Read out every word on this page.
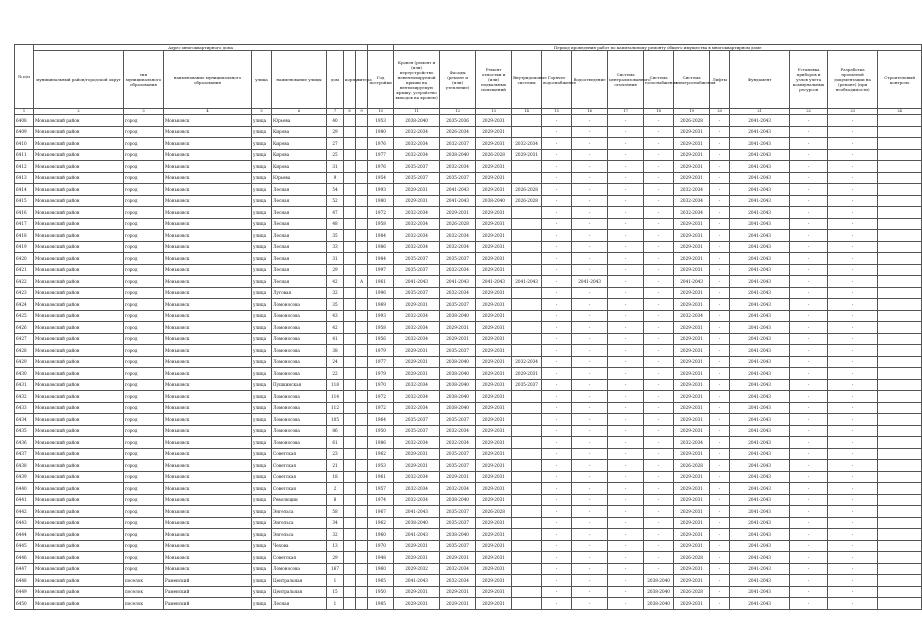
№ п/п	Адрес многоквартирного дома									Период проведения работ по капитальному ремонту общего имущества в многоквартирном доме													
	муниципальный район/городской округ	тип муниципального образования	наименование муниципального образования	улица	наименование улицы	дом	корпус	литера	Год постройки	Кровля (ремонт и (или) переустройство невентилируемой крыши на вентилируемую крышу, устройство выходов на кровлю)	Фасады (ремонт и (или) утепление)	Ремонт отмостки и (или) подвальных помещений	Внутридомовые системы	Горячее водоснабжение	Водоотведение	Система централизованного отопления	Система газоснабжения	Система электроснабжения	Лифты	Фундамент	Установка приборов и узлов учета коммунальных ресурсов	Разработка проектной документации на (ремонт) (при необходимости)	Строительный контроль
1	2	3	4	5	6	7	8	9	10	11	12	13	14	15	16	17	18	19	20	21	22	23	24
6408	Моньковский район	город	Моньковск	улица	Юрьева	40			1953	2038-2040	2035-2036	2029-2031		-	-	-	-	2026-2028	-	2041-2043	-	-	
6409	Моньковский район	город	Моньковск	улица	Кирова	29			1980	2032-2034	2026-2034	2029-2031		-	-	-	-	2029-2031	-	2041-2043	-	-	
6410	Моньковский район	город	Моньковск	улица	Кирова	27			1976	2032-2034	2032-2037	2029-2031	2032-2034	-	-	-	-	2029-2031	-	2041-2043	-	-	
6411	Моньковский район	город	Моньковск	улица	Кирова	25			1977	2032-2034	2038-2040	2026-2028	2029-2031	-	-	-	-	2029-2031	-	2041-2043	-	-	
6412	Моньковский район	город	Моньковск	улица	Кирова	31			1976	2035-2037	2032-2034	2029-2031		-	-	-	-	2029-2031	-	2041-2043	-	-	
6413	Моньковский район	город	Моньковск	улица	Юрьева	9			1954	2035-2037	2035-2037	2029-2031		-	-	-	-	2029-2031	-	2041-2043	-	-	
6414	Моньковский район	город	Моньковск	улица	Лесная	54			1993	2029-2031	2041-2043	2029-2031	2026-2028	-	-	-	-	2032-2034	-	2041-2043	-	-	
6415	Моньковский район	город	Моньковск	улица	Лесная	52			1980	2029-2031	2041-2043	2038-2040	2026-2028	-	-	-	-	2032-2034	-	2041-2043	-	-	
6416	Моньковский район	город	Моньковск	улица	Лесная	47			1972	2032-2034	2029-2031	2029-2031		-	-	-	-	2032-2034	-	2041-2043	-	-	
6417	Моньковский район	город	Моньковск	улица	Лесная	48			1958	2032-2034	2026-2028	2029-2031		-	-	-	-	2029-2031	-	2041-2043	-	-	
6418	Моньковский район	город	Моньковск	улица	Лесная	35			1984	2032-2034	2032-2034	2029-2031		-	-	-	-	2029-2031	-	2041-2043	-	-	
6419	Моньковский район	город	Моньковск	улица	Лесная	33			1986	2032-2034	2032-2034	2029-2031		-	-	-	-	2029-2031	-	2041-2043	-	-	
6420	Моньковский район	город	Моньковск	улица	Лесная	31			1984	2035-2037	2035-2037	2029-2031		-	-	-	-	2029-2031	-	2041-2043	-	-	
6421	Моньковский район	город	Моньковск	улица	Лесная	29			1997	2035-2037	2032-2034	2029-2031		-	-	-	-	2029-2031	-	2041-2043	-	-	
6422	Моньковский район	город	Моньковск	улица	Лесная	42		А	1961	2041-2043	2041-2043	2041-2043	2041-2043	-	2041-2043	-	-	2041-2043	-	2041-2043	-	-	
6423	Моньковский район	город	Моньковск	улица	Луговая	32			1996	2035-2037	2032-2034	2029-2031		-	-	-	-	2029-2031	-	2041-2043	-	-	
6424	Моньковский район	город	Моньковск	улица	Ломоносова	35			1969	2029-2031	2035-2037	2029-2031		-	-	-	-	2029-2031	-	2041-2043	-	-	
6425	Моньковский район	город	Моньковск	улица	Ломоносова	43			1993	2032-2034	2038-2040	2029-2031		-	-	-	-	2032-2034	-	2041-2043	-	-	
6426	Моньковский район	город	Моньковск	улица	Ломоносова	42			1958	2032-2034	2029-2031	2029-2031		-	-	-	-	2029-2031	-	2041-2043	-	-	
6427	Моньковский район	город	Моньковск	улица	Ломоносова	41			1956	2032-2034	2029-2031	2029-2031		-	-	-	-	2029-2031	-	2041-2043	-	-	
6428	Моньковский район	город	Моньковск	улица	Ломоносова	38			1979	2029-2031	2035-2037	2029-2031		-	-	-	-	2029-2031	-	2041-2043	-	-	
6429	Моньковский район	город	Моньковск	улица	Ломоносова	24			1977	2029-2031	2038-2040	2029-2031	2032-2034	-	-	-	-	2029-2031	-	2041-2043	-	-	
6430	Моньковский район	город	Моньковск	улица	Ломоносова	22			1979	2029-2031	2038-2040	2029-2031	2029-2031	-	-	-	-	2029-2031	-	2041-2043	-	-	
6431	Моньковский район	город	Моньковск	улица	Пушкинская	118			1970	2032-2034	2038-2040	2029-2031	2035-2037	-	-	-	-	2029-2031	-	2041-2043	-	-	
6432	Моньковский район	город	Моньковск	улица	Ломоносова	114			1972	2032-2034	2038-2040	2029-2031		-	-	-	-	2029-2031	-	2041-2043	-	-	
6433	Моньковский район	город	Моньковск	улица	Ломоносова	112			1972	2032-2034	2038-2040	2029-2031		-	-	-	-	2029-2031	-	2041-2043	-	-	
6434	Моньковский район	город	Моньковск	улица	Ломоносова	105			1964	2035-2037	2035-2037	2029-2031		-	-	-	-	2029-2031	-	2041-2043	-	-	
6435	Моньковский район	город	Моньковск	улица	Ломоносова	86			1950	2035-2037	2032-2034	2029-2031		-	-	-	-	2029-2031	-	2041-2043	-	-	
6436	Моньковский район	город	Моньковск	улица	Ломоносова	61			1986	2032-2034	2032-2034	2029-2031		-	-	-	-	2032-2034	-	2041-2043	-	-	
6437	Моньковский район	город	Моньковск	улица	Советская	23			1962	2029-2031	2035-2037	2029-2031		-	-	-	-	2029-2031	-	2041-2043	-	-	
6438	Моньковский район	город	Моньковск	улица	Советская	21			1953	2029-2031	2035-2037	2029-2031		-	-	-	-	2026-2028	-	2041-2043	-	-	
6439	Моньковский район	город	Моньковск	улица	Советская	18			1961	2032-2034	2029-2031	2029-2031		-	-	-	-	2029-2031	-	2041-2043	-	-	
6440	Моньковский район	город	Моньковск	улица	Советская	2			1957	2032-2034	2032-2034	2029-2031		-	-	-	-	2029-2031	-	2041-2043	-	-	
6441	Моньковский район	город	Моньковск	улица	Революции	8			1974	2032-2034	2038-2040	2029-2031		-	-	-	-	2029-2031	-	2041-2043	-	-	
6442	Моньковский район	город	Моньковск	улица	Энгельса	58			1967	2041-2043	2035-2037	2026-2028		-	-	-	-	2029-2031	-	2041-2043	-	-	
6443	Моньковский район	город	Моньковск	улица	Энгельса	34			1962	2038-2040	2035-2037	2029-2031		-	-	-	-	2029-2031	-	2041-2043	-	-	
6444	Моньковский район	город	Моньковск	улица	Энгельса	32			1960	2041-2043	2038-2040	2029-2031		-	-	-	-	2029-2031	-	2041-2043	-	-	
6445	Моньковский район	город	Моньковск	улица	Чехова	13			1970	2029-2031	2035-2037	2029-2031		-	-	-	-	2029-2031	-	2041-2043	-	-	
6446	Моньковский район	город	Моньковск	улица	Советская	29			1948	2029-2031	2029-2031	2029-2031		-	-	-	-	2026-2028	-	2041-2043	-	-	
6447	Моньковский район	город	Моньковск	улица	Ломоносова	167			1960	2029-2032	2032-2034	2029-2031		-	-	-	-	2029-2031	-	2041-2043	-	-	
6448	Моньковский район	поселок	Раменский	улица	Центральная	1			1965	2041-2043	2032-2034	2029-2031		-	-	-	2038-2040	2029-2031	-	2041-2043	-	-	
6449	Моньковский район	поселок	Раменский	улица	Центральная	15			1950	2029-2031	2029-2031	2029-2031		-	-	-	2038-2040	2026-2028	-	2041-2043	-	-	
6450	Моньковский район	поселок	Раменский	улица	Лесная	1			1985	2029-2031	2029-2031	2029-2031		-	-	-	2038-2040	2029-2031	-	2041-2043	-	-	
